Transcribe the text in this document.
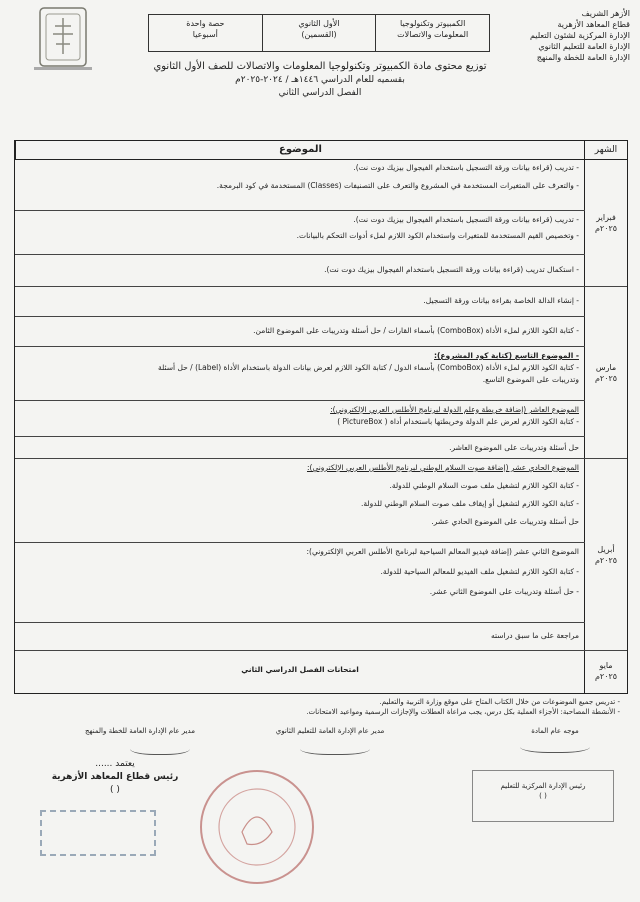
الأزهر الشريف
قطاع المعاهد الأزهرية
الإدارة المركزية لشئون التعليم
الإدارة العامة للتعليم الثانوي
الإدارة العامة للخطة والمنهج
الكمبيوتر وتكنولوجيا
المعلومات والاتصالات
الأول الثانوي
(القسمين)
حصة واحدة
أسبوعيا
توزيع محتوى مادة الكمبيوتر وتكنولوجيا المعلومات والاتصالات للصف الأول الثانوي
بقسميه للعام الدراسي ١٤٤٦هـ / ٢٠٢٤-٢٠٢٥م
الفصل الدراسي الثاني
الموضوع	الشهر
فبراير
٢٠٢٥م
مارس
٢٠٢٥م
أبريل
٢٠٢٥م
مايو
٢٠٢٥م
- تدريب (قراءة بيانات ورقة التسجيل باستخدام الفيجوال بيزيك دوت نت).
- والتعرف على المتغيرات المستخدمة في المشروع والتعرف على التصنيفات (Classes) المستخدمة في كود البرمجة.
- تدريب (قراءة بيانات ورقة التسجيل باستخدام الفيجوال بيزيك دوت نت).
- وتخصيص القيم المستخدمة للمتغيرات واستخدام الكود اللازم لملء أدوات التحكم بالبيانات.
- استكمال تدريب (قراءة بيانات ورقة التسجيل باستخدام الفيجوال بيزيك دوت نت).
- إنشاء الدالة الخاصة بقراءة بيانات ورقة التسجيل.
- كتابة الكود اللازم لملء الأداة (ComboBox) بأسماء القارات / حل أسئلة وتدريبات على الموضوع الثامن.
- الموضوع التاسع (كتابة كود المشروع):
- كتابة الكود اللازم لملء الأداة (ComboBox) بأسماء الدول / كتابة الكود اللازم لعرض بيانات الدولة باستخدام الأداة (Label) / حل أسئلة
وتدريبات على الموضوع التاسع.
الموضوع العاشر (إضافة خريطة وعلم الدولة لبرنامج الأطلس العربي الإلكتروني):
- كتابة الكود اللازم لعرض علم الدولة وخريطتها باستخدام أداة ( PictureBox )
حل أسئلة وتدريبات على الموضوع العاشر.
الموضوع الحادي عشر (إضافة صوت السلام الوطني لبرنامج الأطلس العربي الإلكتروني):
- كتابة الكود اللازم لتشغيل ملف صوت السلام الوطني للدولة.
- كتابة الكود اللازم لتشغيل أو إيقاف ملف صوت السلام الوطني للدولة.
حل أسئلة وتدريبات على الموضوع الحادي عشر.
الموضوع الثاني عشر (إضافة فيديو المعالم السياحية لبرنامج الأطلس العربي الإلكتروني):
- كتابة الكود اللازم لتشغيل ملف الفيديو للمعالم السياحية للدولة.
- حل أسئلة وتدريبات على الموضوع الثاني عشر.
مراجعة على ما سبق دراسته
امتحانات الفصل الدراسي الثاني
- تدريس جميع الموضوعات من خلال الكتاب المتاح على موقع وزارة التربية والتعليم.
- الأنشطة المصاحبة: الأجزاء العملية بكل درس، يجب مراعاة العطلات والإجازات الرسمية ومواعيد الامتحانات.
موجه عام المادة
مدير عام الإدارة العامة للتعليم الثانوي
مدير عام الإدارة العامة للخطة والمنهج
يعتمد ......
رئيس قطاع المعاهد الأزهرية
( )	رئيس الإدارة المركزية للتعليم
( )
